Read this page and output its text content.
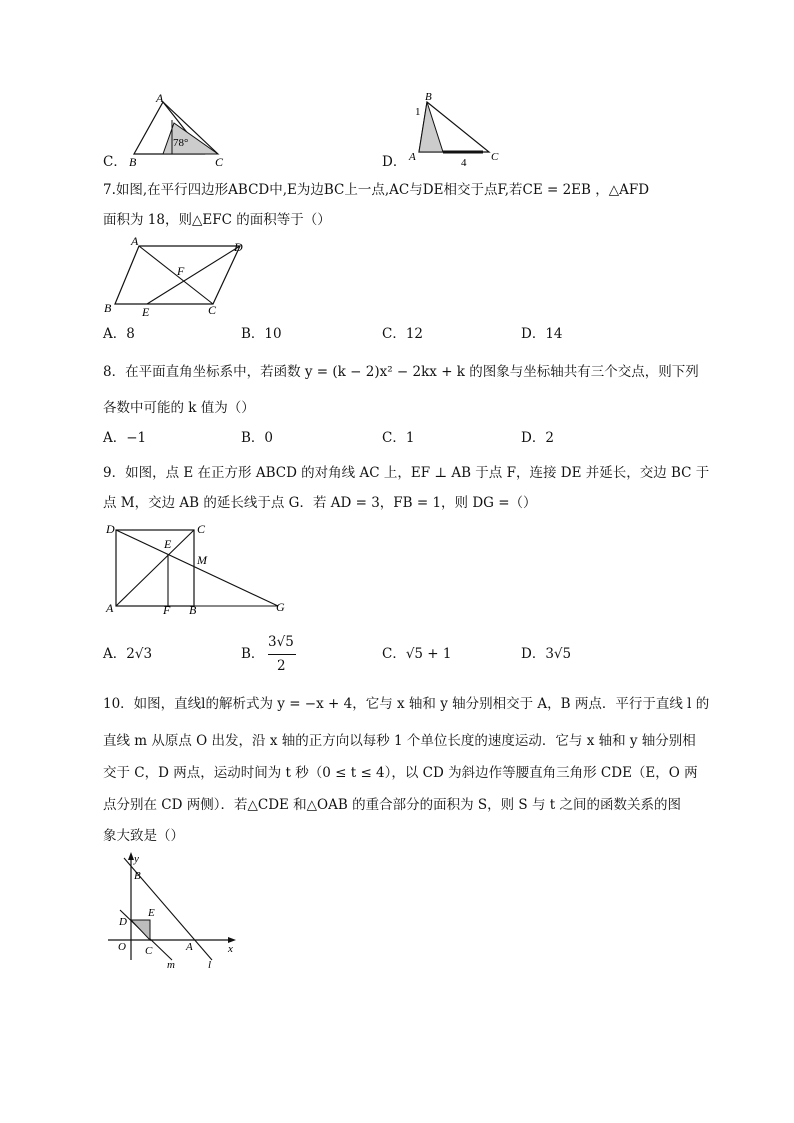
C．
A
B	C
78°
D．
B
A	C
1
4
7.如图,在平行四边形ABCD中,E为边BC上一点,AC与DE相交于点F,若CE = 2EB ，△AFD
面积为 18，则△EFC 的面积等于（）
A	D
B	C
E
F
A．8	B．10	C．12	D．14
8．在平面直角坐标系中，若函数 y = (k − 2)x² − 2kx + k 的图象与坐标轴共有三个交点，则下列
各数中可能的 k 值为（）
A．−1	B．0	C．1	D．2
9．如图，点 E 在正方形 ABCD 的对角线 AC 上，EF ⊥ AB 于点 F，连接 DE 并延长，交边 BC 于
点 M，交边 AB 的延长线于点 G．若 AD = 3，FB = 1，则 DG =（）
D	C
E
M
A	F B	G
A．2√3	B．
3√5
2
C．√5 + 1	D．3√5
10．如图，直线l的解析式为 y = −x + 4，它与 x 轴和 y 轴分别相交于 A，B 两点．平行于直线 l 的
直线 m 从原点 O 出发，沿 x 轴的正方向以每秒 1 个单位长度的速度运动．它与 x 轴和 y 轴分别相
交于 C，D 两点，运动时间为 t 秒（0 ≤ t ≤ 4），以 CD 为斜边作等腰直角三角形 CDE（E，O 两
点分别在 CD 两侧）．若△CDE 和△OAB 的重合部分的面积为 S，则 S 与 t 之间的函数关系的图
象大致是（）
y
x
B
D
E
O C	A
m	l
